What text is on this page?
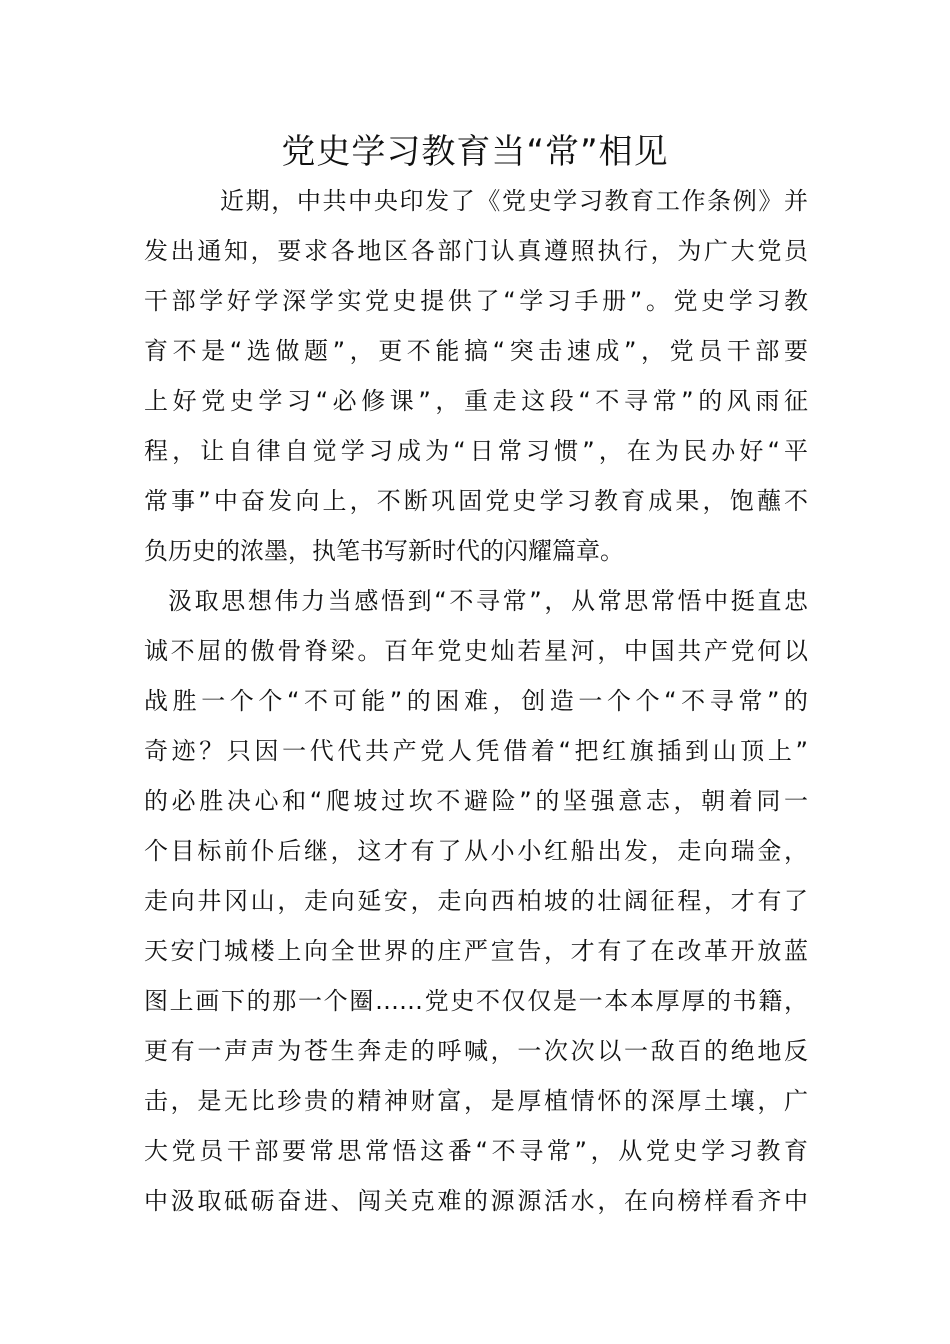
党史学习教育当“常”相见
近期，中共中央印发了《党史学习教育工作条例》并
发出通知，要求各地区各部门认真遵照执行，为广大党员
干部学好学深学实党史提供了“学习手册”。党史学习教
育不是“选做题”，更不能搞“突击速成”，党员干部要
上好党史学习“必修课”，重走这段“不寻常”的风雨征
程，让自律自觉学习成为“日常习惯”，在为民办好“平
常事”中奋发向上，不断巩固党史学习教育成果，饱蘸不
负历史的浓墨，执笔书写新时代的闪耀篇章。
汲取思想伟力当感悟到“不寻常”，从常思常悟中挺直忠
诚不屈的傲骨脊梁。百年党史灿若星河，中国共产党何以
战胜一个个“不可能”的困难，创造一个个“不寻常”的
奇迹？只因一代代共产党人凭借着“把红旗插到山顶上”
的必胜决心和“爬坡过坎不避险”的坚强意志，朝着同一
个目标前仆后继，这才有了从小小红船出发，走向瑞金，
走向井冈山，走向延安，走向西柏坡的壮阔征程，才有了
天安门城楼上向全世界的庄严宣告，才有了在改革开放蓝
图上画下的那一个圈……党史不仅仅是一本本厚厚的书籍，
更有一声声为苍生奔走的呼喊，一次次以一敌百的绝地反
击，是无比珍贵的精神财富，是厚植情怀的深厚土壤，广
大党员干部要常思常悟这番“不寻常”，从党史学习教育
中汲取砥砺奋进、闯关克难的源源活水，在向榜样看齐中
